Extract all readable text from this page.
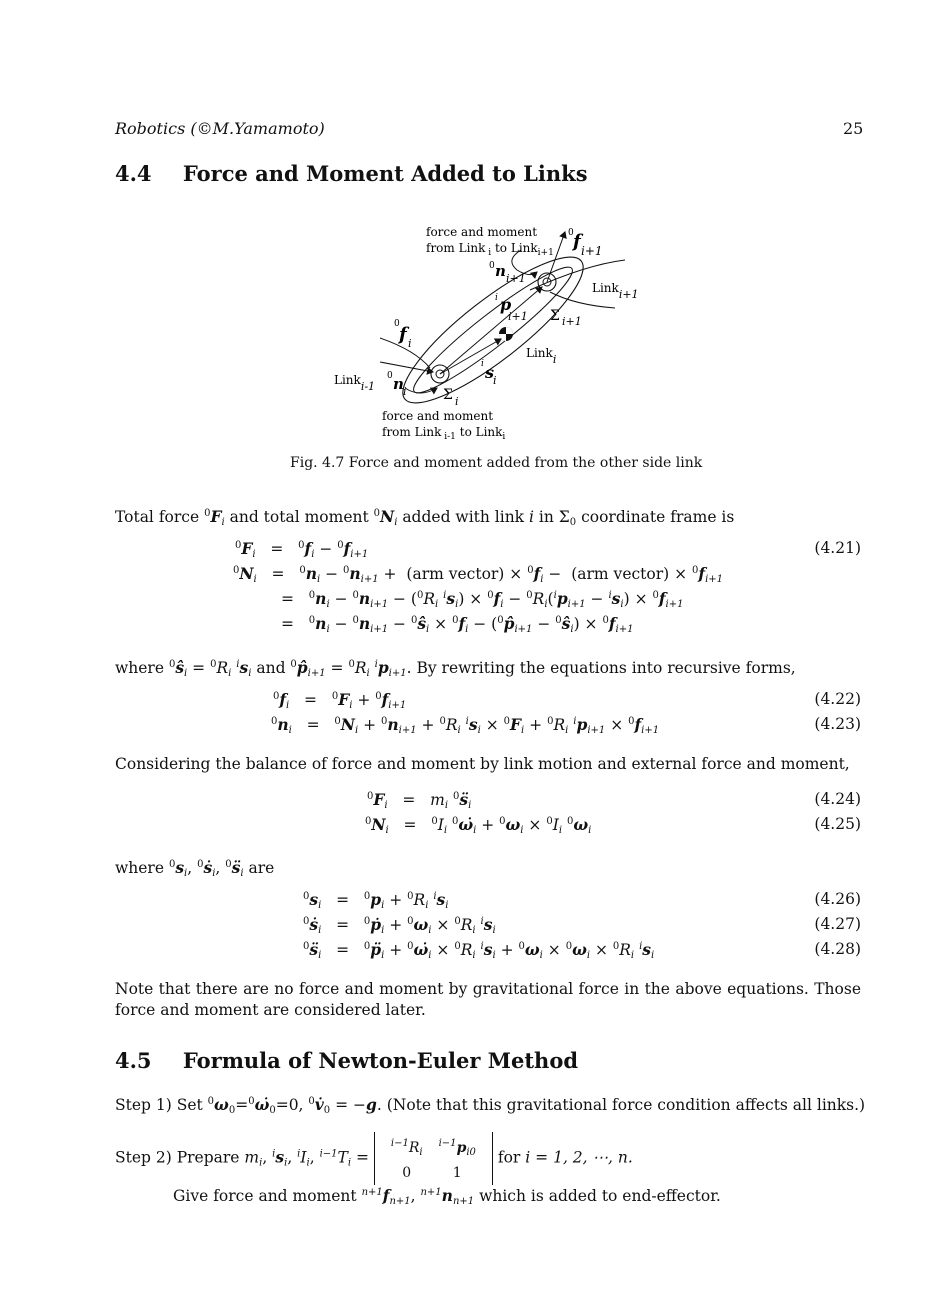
Robotics (©M.Yamamoto)	25
4.4 Force and Moment Added to Links
force and moment
from Link $_i$ to Link$_{i+1}$
0 f i+1
0 n i+1
Linki+1
i p
i+1 Σ i+1
0 f i
Linki
i s
i
Linki-1
0 n i	Σ i
force and moment
from Link $_{i-1}$ to Link$_i$
Fig. 4.7 Force and moment added from the other side link
Total force $^0F_i$ and total moment $^0N_i$ added with link i in $\Sigma_0$ coordinate frame is
$^0F_i = ^0f_i - ^0f_{i+1}$	(4.21)
$^0N_i = ^0n_i - ^0n_{i+1} + (arm$ vector) × $^0f_i - (arm$ vector) × $^0f_{i+1}$
=   $^0n_i - ^0n_{i+1} - (^0R_i$ $^is_i) \times ^0f_i - ^0R_i(^ip_{i+1} - ^is_i) \times ^0f_{i+1}$
=   $^0n_i - ^0n_{i+1}$ − $^0ŝ_i \times ^0f_i$ − ($^0p̂_{i+1}$ − $^0ŝ_i) \times ^0f_{i+1}$
where $^0ŝ_i = ^0R_i$ $^is_i$ and $^0p̂_{i+1} = ^0R_i$ $^ip_{i+1}$. By rewriting the equations into recursive forms,
$^0f_i = ^0F_i + ^0f_{i+1}$	(4.22)
$^0n_i = ^0N_i + ^0n_{i+1} + ^0R_i$ $^is_i \times ^0F_i + ^0R_i$ $^ip_{i+1} \times ^0f_{i+1}$	(4.23)
Considering the balance of force and moment by link motion and external force and moment,
$^0F_i = m_i$ $^0s̈_i$	(4.24)
$^0N_i = ^0I_i$ $^0\omegȧ_i + ^0\omega_i \times ^0I_i$ $^0\omega_i$	(4.25)
where $^0s_i$, $^0$ṡ$_i$, $^0s̈_i$ are
$^0s_i = ^0p_i + ^0R_i$ $^is_i$	(4.26)
$^0$ṡ$_i$   =   $^0$ṗ$_i$ + $^0\omega_i \times ^0R_i$ $^is_i$	(4.27)
$^0s̈_i$   =   $^0p̈_i$ + $^0\omegȧ_i \times ^0R_i$ $^is_i + ^0\omega_i \times ^0\omega_i \times ^0R_i$ $^is_i$	(4.28)
Note that there are no force and moment by gravitational force in the above equations. Those force and moment are considered later.
4.5 Formula of Newton-Euler Method
Step 1) Set $^0\omega_0=^0\omegȧ_0=0$, $^0v̇_0 = -g$. (Note that this gravitational force condition affects all links.)
Step 2) Prepare $m_i$, $^is_i$, $^iI_i$, $^{i-1}T_i$ =
$^{i-1}R_i$	$^{i-1}p_{i0}$
0	1
for i = 1, 2, ⋯, n.
Give force and moment $^{n+1}f_{n+1}$, $^{n+1}n_{n+1}$ which is added to end-effector.
